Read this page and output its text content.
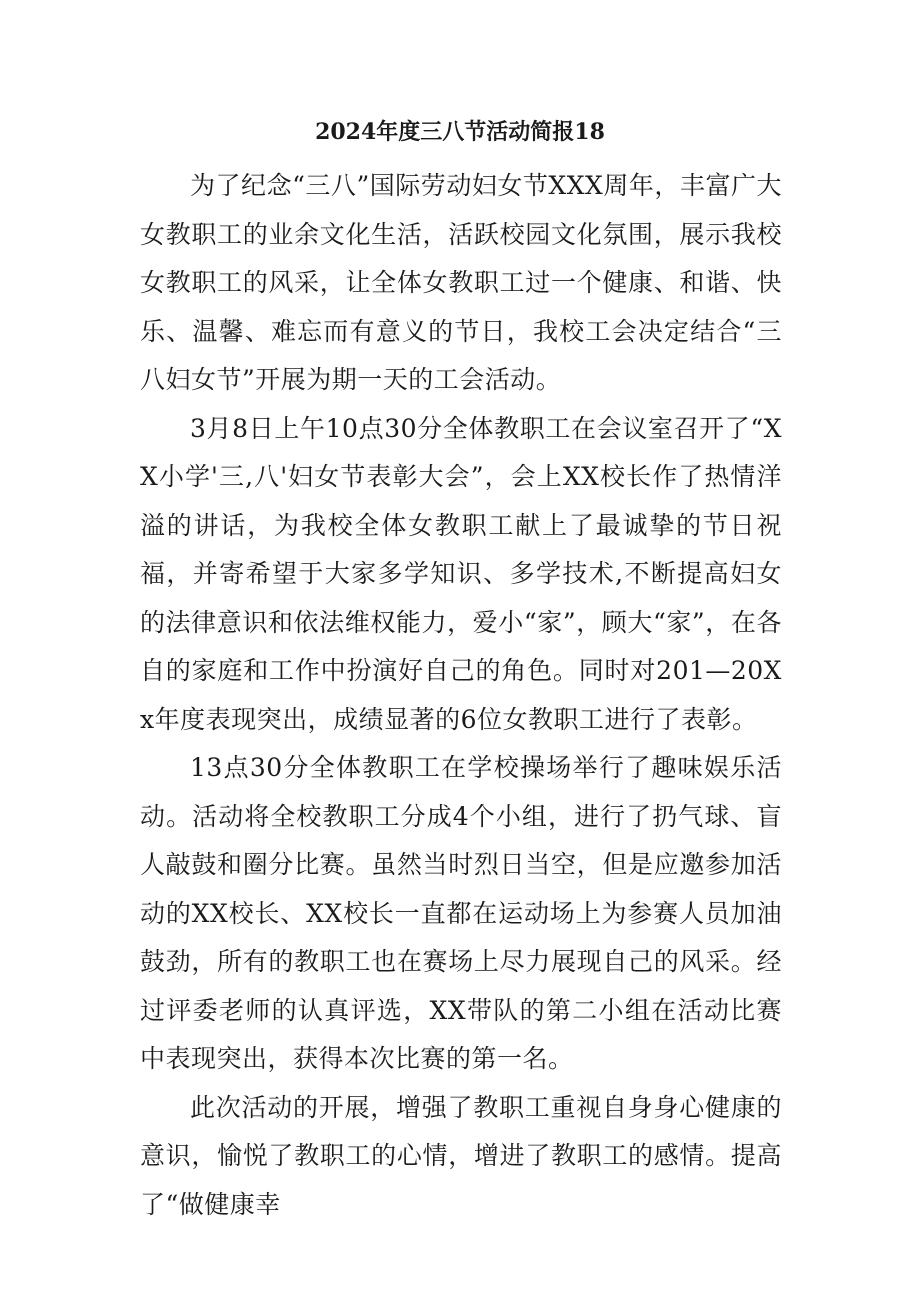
2024年度三八节活动简报18

为了纪念“三八”国际劳动妇女节XXX周年，丰富广大女教职工的业余文化生活，活跃校园文化氛围，展示我校女教职工的风采，让全体女教职工过一个健康、和谐、快乐、温馨、难忘而有意义的节日，我校工会决定结合“三八妇女节”开展为期一天的工会活动。

3月8日上午10点30分全体教职工在会议室召开了“XX小学'三,八'妇女节表彰大会”，会上XX校长作了热情洋溢的讲话，为我校全体女教职工献上了最诚挚的节日祝福，并寄希望于大家多学知识、多学技术,不断提高妇女的法律意识和依法维权能力，爱小“家”，顾大“家”，在各自的家庭和工作中扮演好自己的角色。同时对201—20Xx年度表现突出，成绩显著的6位女教职工进行了表彰。

13点30分全体教职工在学校操场举行了趣味娱乐活动。活动将全校教职工分成4个小组，进行了扔气球、盲人敲鼓和圈分比赛。虽然当时烈日当空，但是应邀参加活动的XX校长、XX校长一直都在运动场上为参赛人员加油鼓劲，所有的教职工也在赛场上尽力展现自己的风采。经过评委老师的认真评选，XX带队的第二小组在活动比赛中表现突出，获得本次比赛的第一名。

此次活动的开展，增强了教职工重视自身身心健康的意识，愉悦了教职工的心情，增进了教职工的感情。提高了“做健康幸
